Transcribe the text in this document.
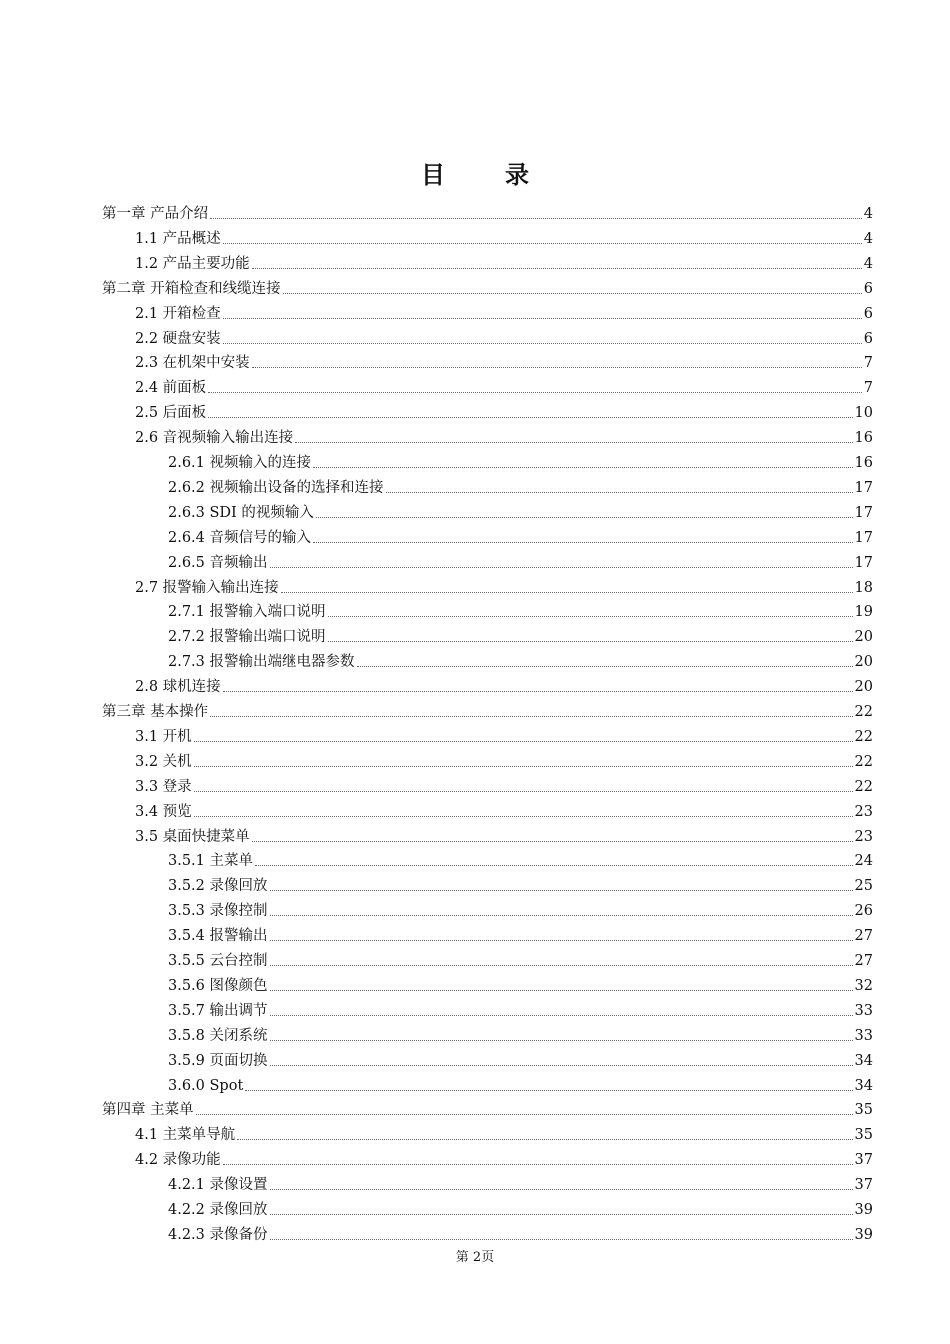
目　录
第一章 产品介绍	4
1.1 产品概述	4
1.2 产品主要功能	4
第二章 开箱检查和线缆连接	6
2.1 开箱检查	6
2.2 硬盘安装	6
2.3 在机架中安装	7
2.4 前面板	7
2.5 后面板	10
2.6 音视频输入输出连接	16
2.6.1 视频输入的连接	16
2.6.2 视频输出设备的选择和连接	17
2.6.3 SDI 的视频输入	17
2.6.4 音频信号的输入	17
2.6.5 音频输出	17
2.7 报警输入输出连接	18
2.7.1 报警输入端口说明	19
2.7.2 报警输出端口说明	20
2.7.3 报警输出端继电器参数	20
2.8 球机连接	20
第三章 基本操作	22
3.1 开机	22
3.2 关机	22
3.3 登录	22
3.4 预览	23
3.5 桌面快捷菜单	23
3.5.1 主菜单	24
3.5.2 录像回放	25
3.5.3 录像控制	26
3.5.4 报警输出	27
3.5.5 云台控制	27
3.5.6 图像颜色	32
3.5.7 输出调节	33
3.5.8 关闭系统	33
3.5.9 页面切换	34
3.6.0 Spot	34
第四章 主菜单	35
4.1 主菜单导航	35
4.2 录像功能	37
4.2.1 录像设置	37
4.2.2 录像回放	39
4.2.3 录像备份	39
第 2页
